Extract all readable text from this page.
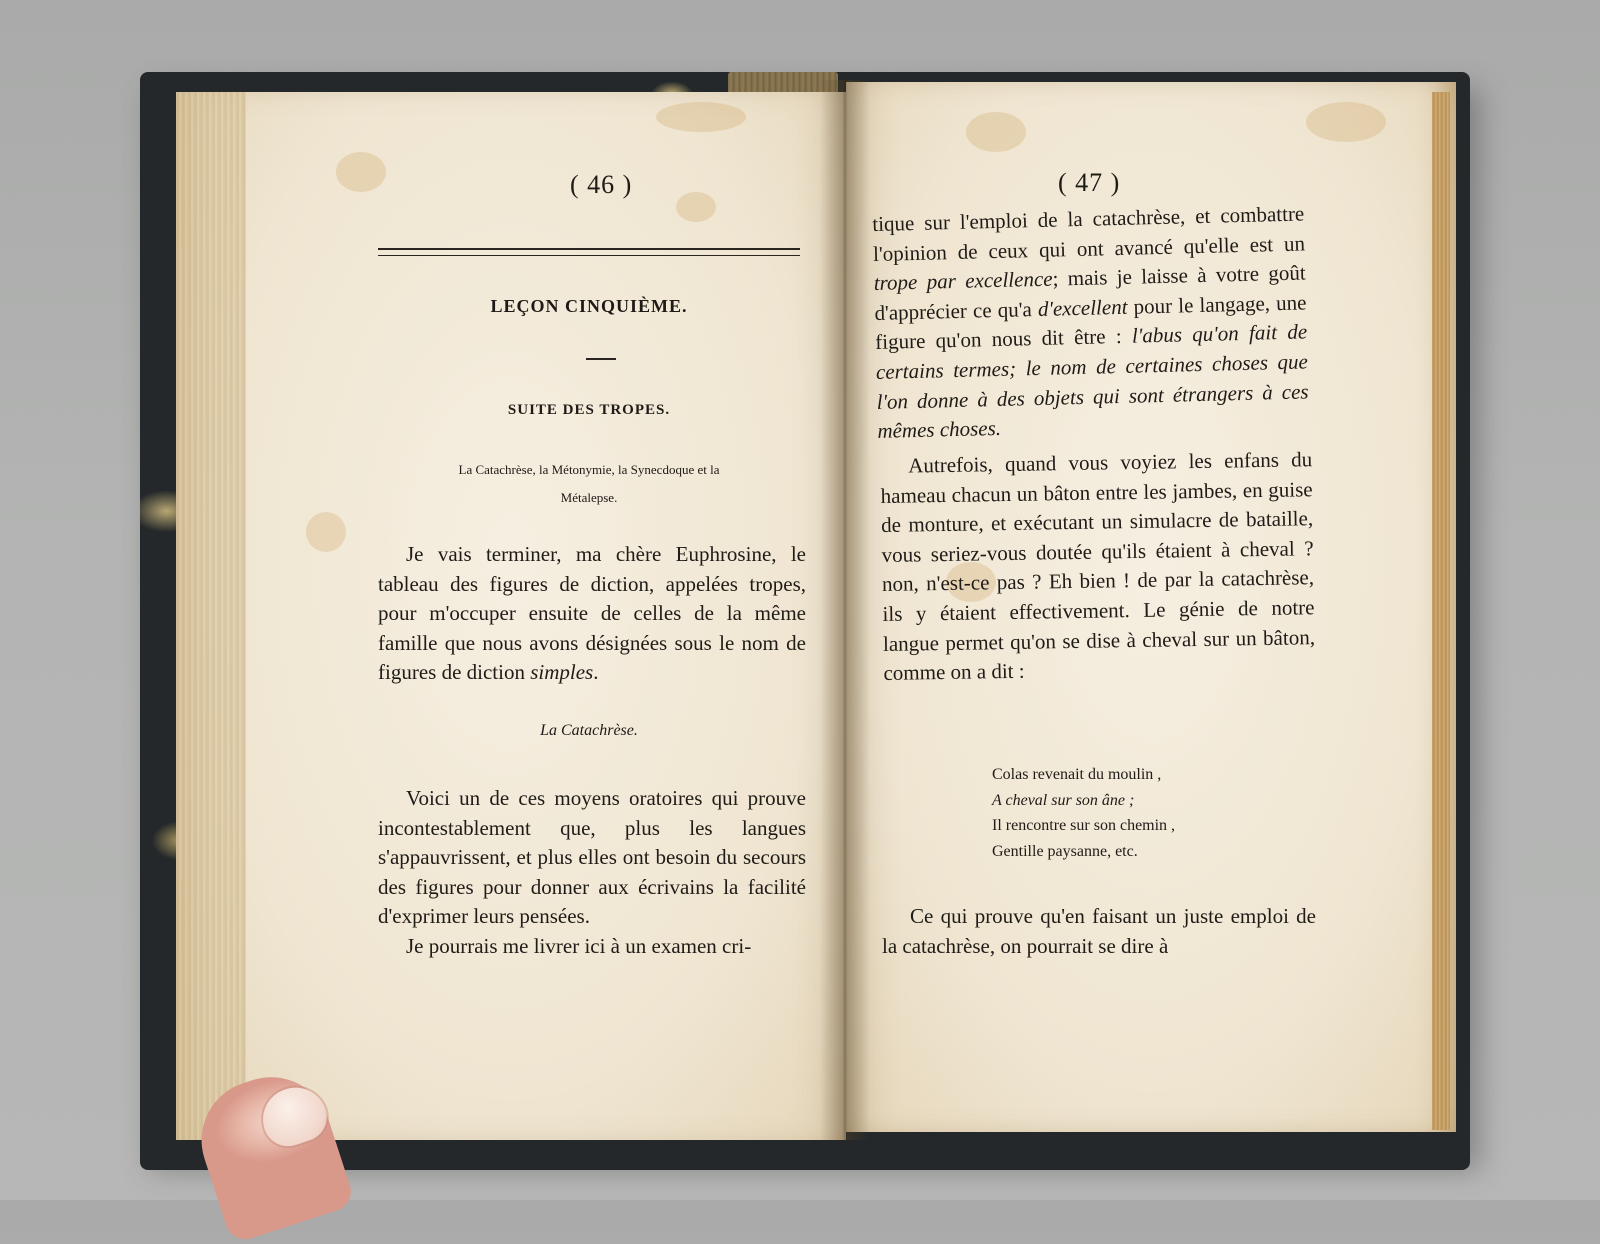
( 46 )
LEÇON CINQUIÈME.
SUITE DES TROPES.
La Catachrèse, la Métonymie, la Synecdoque et la
Métalepse.

Je vais terminer, ma chère Euphrosine, le tableau des figures de diction, appelées tropes, pour m'occuper ensuite de celles de la même famille que nous avons désignées sous le nom de figures de diction simples.

La Catachrèse.

Voici un de ces moyens oratoires qui prouve incontestablement que, plus les langues s'appauvrissent, et plus elles ont besoin du secours des figures pour donner aux écrivains la facilité d'exprimer leurs pensées.

Je pourrais me livrer ici à un examen cri-

( 47 )

tique sur l'emploi de la catachrèse, et combattre l'opinion de ceux qui ont avancé qu'elle est un trope par excellence; mais je laisse à votre goût d'apprécier ce qu'a d'excellent pour le langage, une figure qu'on nous dit être : l'abus qu'on fait de certains termes; le nom de certaines choses que l'on donne à des objets qui sont étrangers à ces mêmes choses.

Autrefois, quand vous voyiez les enfans du hameau chacun un bâton entre les jambes, en guise de monture, et exécutant un simulacre de bataille, vous seriez-vous doutée qu'ils étaient à cheval ? non, n'est-ce pas ? Eh bien ! de par la catachrèse, ils y étaient effectivement. Le génie de notre langue permet qu'on se dise à cheval sur un bâton, comme on a dit :

Colas revenait du moulin ,
A cheval sur son âne ;
Il rencontre sur son chemin ,
Gentille paysanne, etc.

Ce qui prouve qu'en faisant un juste emploi de la catachrèse, on pourrait se dire à
